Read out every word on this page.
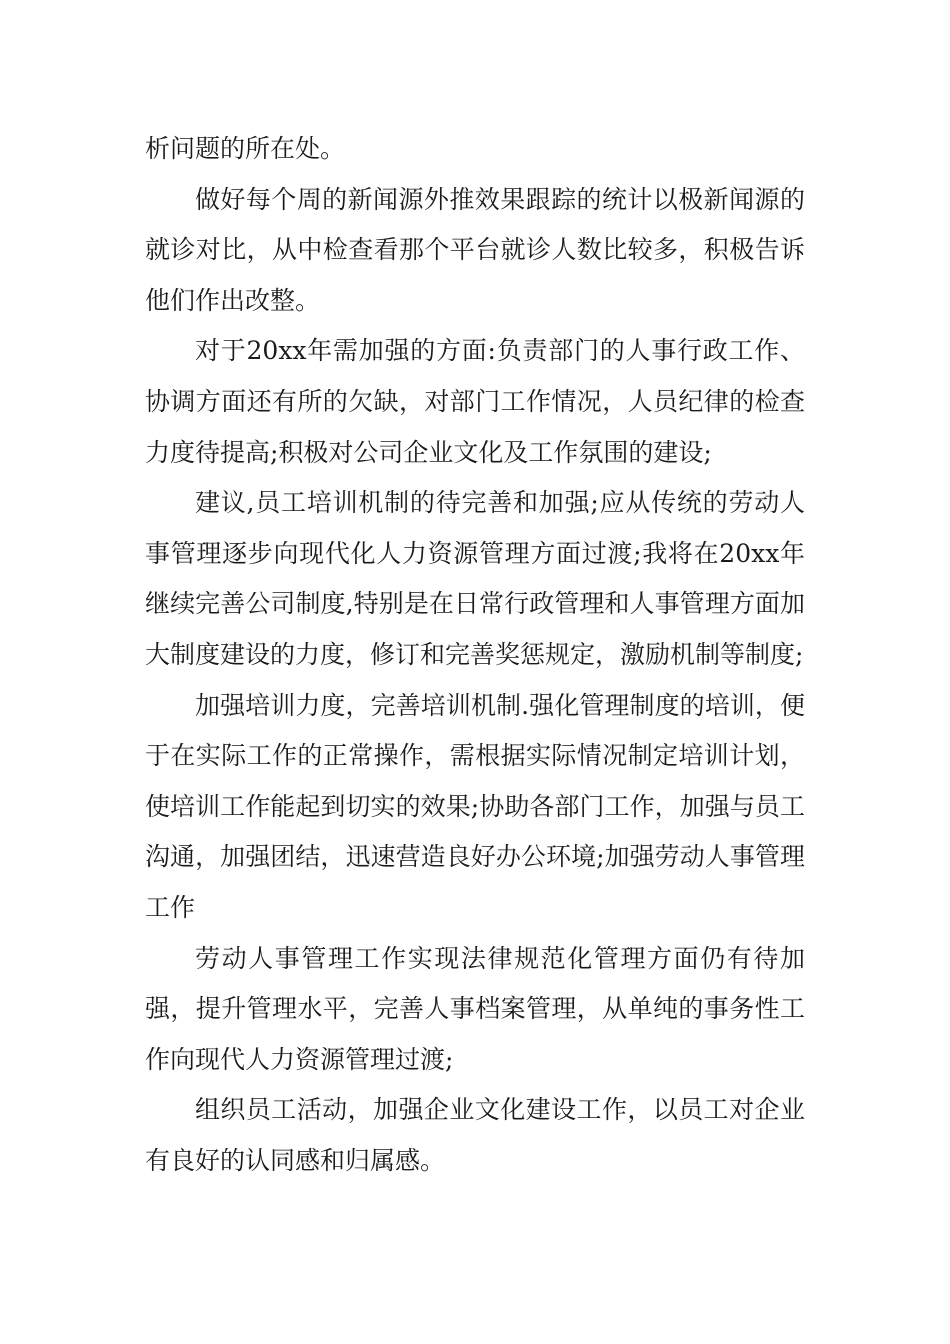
析问题的所在处。

做好每个周的新闻源外推效果跟踪的统计以极新闻源的就诊对比，从中检查看那个平台就诊人数比较多，积极告诉他们作出改整。

对于20xx年需加强的方面:负责部门的人事行政工作、协调方面还有所的欠缺，对部门工作情况，人员纪律的检查力度待提高;积极对公司企业文化及工作氛围的建设;

建议,员工培训机制的待完善和加强;应从传统的劳动人事管理逐步向现代化人力资源管理方面过渡;我将在20xx年继续完善公司制度,特别是在日常行政管理和人事管理方面加大制度建设的力度，修订和完善奖惩规定，激励机制等制度;

加强培训力度，完善培训机制.强化管理制度的培训，便于在实际工作的正常操作，需根据实际情况制定培训计划，使培训工作能起到切实的效果;协助各部门工作，加强与员工沟通，加强团结，迅速营造良好办公环境;加强劳动人事管理工作

劳动人事管理工作实现法律规范化管理方面仍有待加强，提升管理水平，完善人事档案管理，从单纯的事务性工作向现代人力资源管理过渡;

组织员工活动，加强企业文化建设工作，以员工对企业有良好的认同感和归属感。
